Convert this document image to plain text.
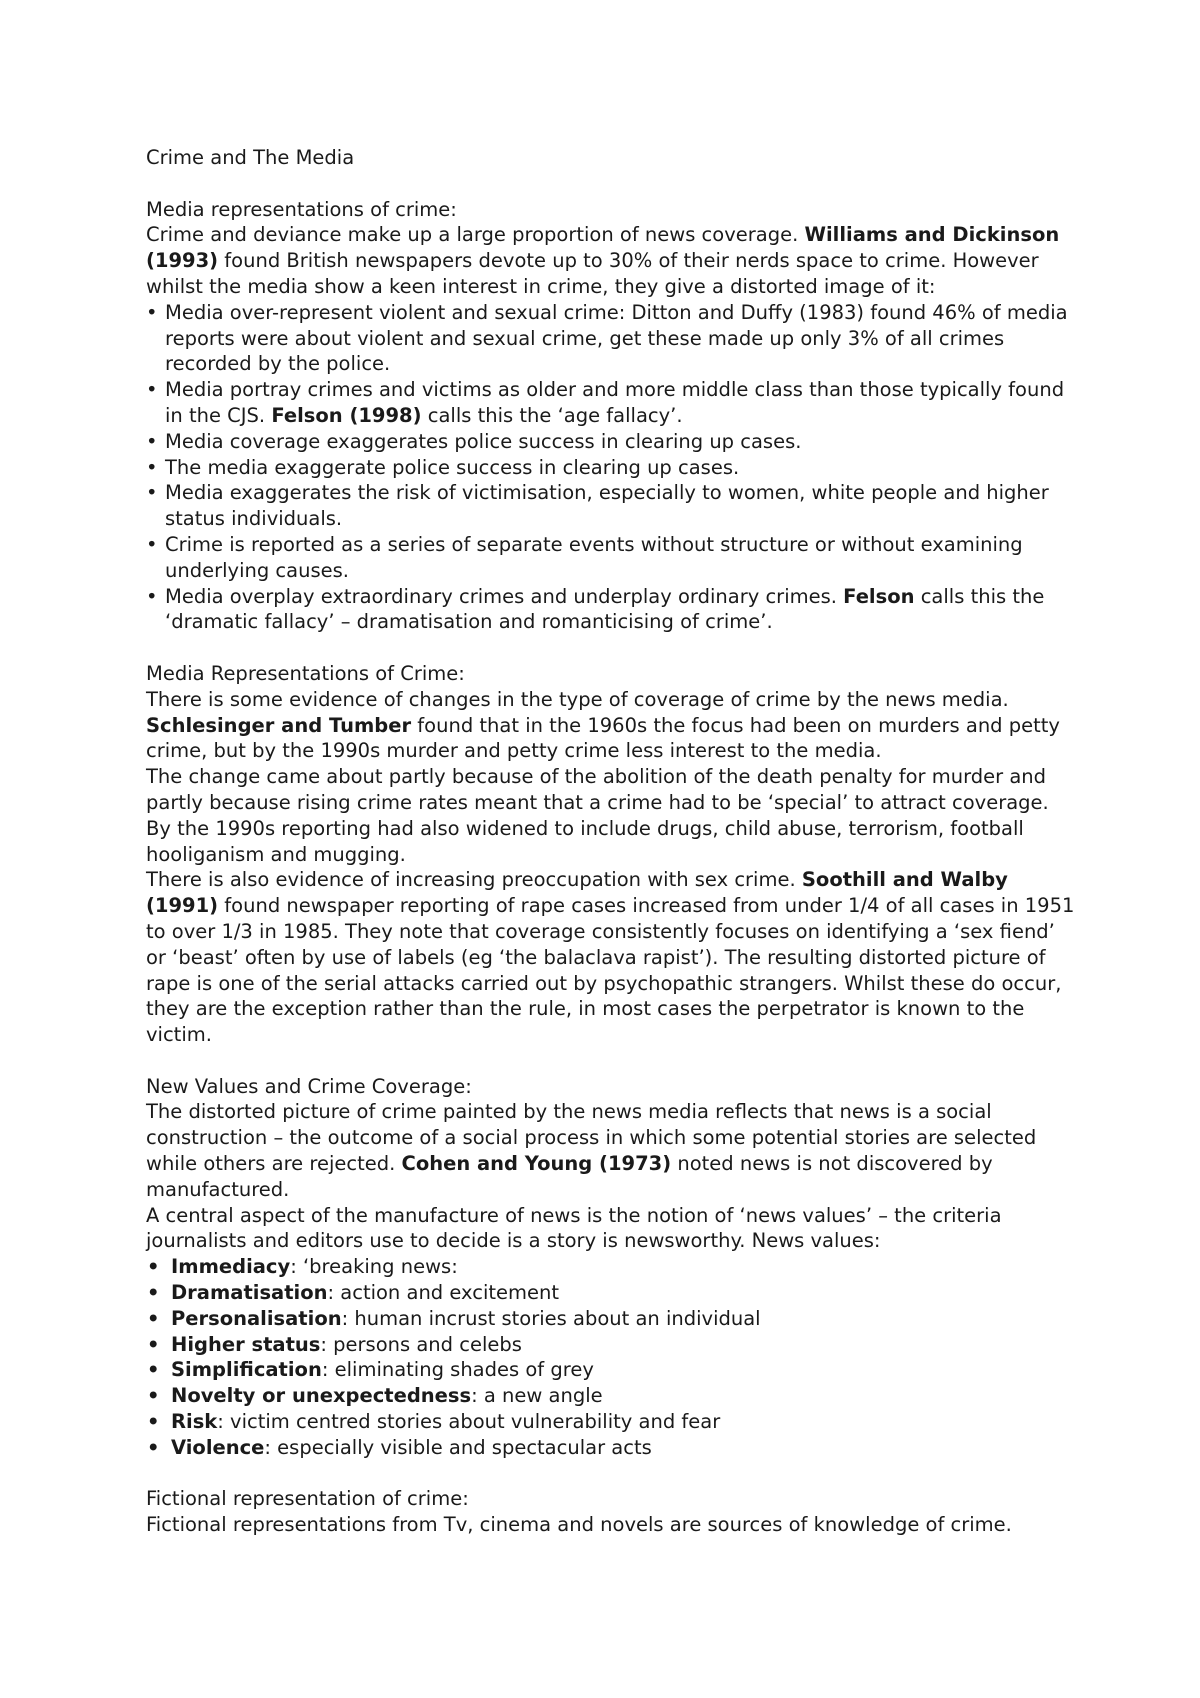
Crime and The Media

Media representations of crime:

Crime and deviance make up a large proportion of news coverage. Williams and Dickinson (1993) found British newspapers devote up to 30% of their nerds space to crime. However whilst the media show a keen interest in crime, they give a distorted image of it:

• Media over-represent violent and sexual crime: Ditton and Duffy (1983) found 46% of media reports were about violent and sexual crime, get these made up only 3% of all crimes recorded by the police.
• Media portray crimes and victims as older and more middle class than those typically found in the CJS. Felson (1998) calls this the ‘age fallacy’.
• Media coverage exaggerates police success in clearing up cases.
• The media exaggerate police success in clearing up cases.
• Media exaggerates the risk of victimisation, especially to women, white people and higher status individuals.
• Crime is reported as a series of separate events without structure or without examining underlying causes.
• Media overplay extraordinary crimes and underplay ordinary crimes. Felson calls this the ‘dramatic fallacy’ – dramatisation and romanticising of crime’.

Media Representations of Crime:

There is some evidence of changes in the type of coverage of crime by the news media. Schlesinger and Tumber found that in the 1960s the focus had been on murders and petty crime, but by the 1990s murder and petty crime less interest to the media.

The change came about partly because of the abolition of the death penalty for murder and partly because rising crime rates meant that a crime had to be ‘special’ to attract coverage. By the 1990s reporting had also widened to include drugs, child abuse, terrorism, football hooliganism and mugging.

There is also evidence of increasing preoccupation with sex crime. Soothill and Walby (1991) found newspaper reporting of rape cases increased from under 1/4 of all cases in 1951 to over 1/3 in 1985. They note that coverage consistently focuses on identifying a ‘sex fiend’ or ‘beast’ often by use of labels (eg ‘the balaclava rapist’). The resulting distorted picture of rape is one of the serial attacks carried out by psychopathic strangers. Whilst these do occur, they are the exception rather than the rule, in most cases the perpetrator is known to the victim.

New Values and Crime Coverage:

The distorted picture of crime painted by the news media reflects that news is a social construction – the outcome of a social process in which some potential stories are selected while others are rejected. Cohen and Young (1973) noted news is not discovered by manufactured.

A central aspect of the manufacture of news is the notion of ‘news values’ – the criteria journalists and editors use to decide is a story is newsworthy. News values:

• Immediacy: ‘breaking news:
• Dramatisation: action and excitement
• Personalisation: human incrust stories about an individual
• Higher status: persons and celebs
• Simplification: eliminating shades of grey
• Novelty or unexpectedness: a new angle
• Risk: victim centred stories about vulnerability and fear
• Violence: especially visible and spectacular acts

Fictional representation of crime:

Fictional representations from Tv, cinema and novels are sources of knowledge of crime.
